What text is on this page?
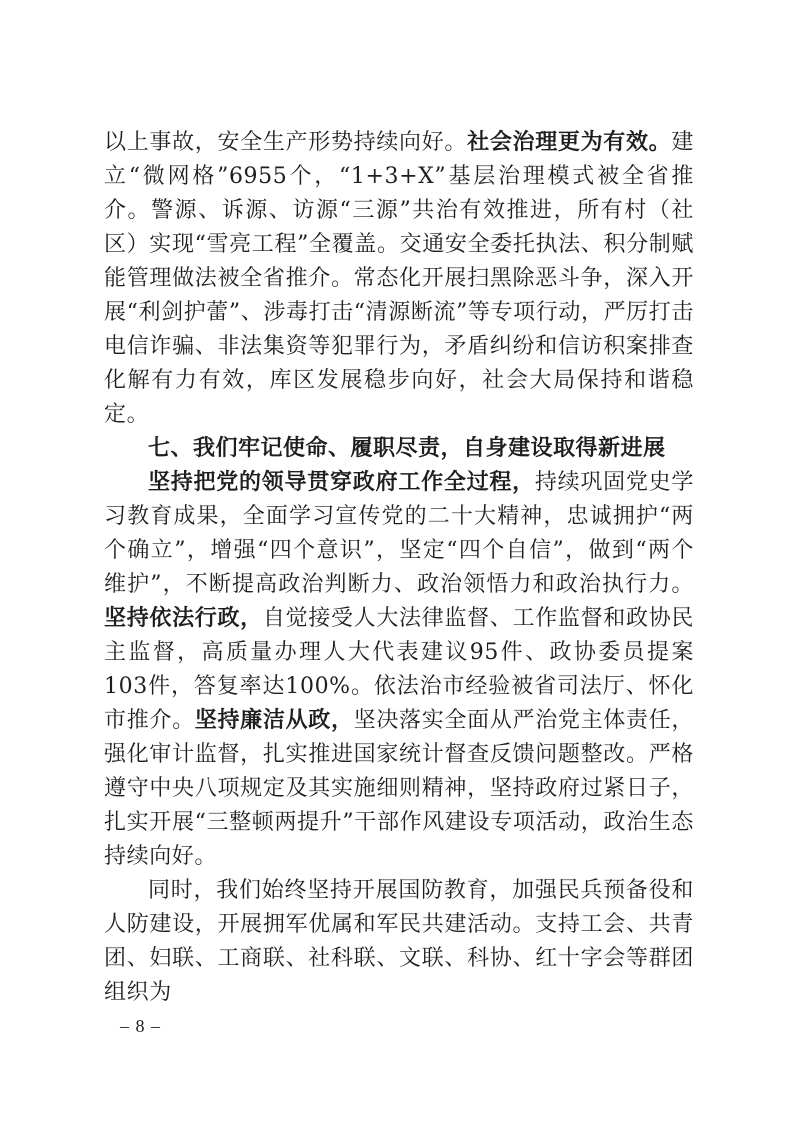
以上事故，安全生产形势持续向好。社会治理更为有效。建立“微网格”6955个，“1+3+X”基层治理模式被全省推介。警源、诉源、访源“三源”共治有效推进，所有村（社区）实现“雪亮工程”全覆盖。交通安全委托执法、积分制赋能管理做法被全省推介。常态化开展扫黑除恶斗争，深入开展“利剑护蕾”、涉毒打击“清源断流”等专项行动，严厉打击电信诈骗、非法集资等犯罪行为，矛盾纠纷和信访积案排查化解有力有效，库区发展稳步向好，社会大局保持和谐稳定。

七、我们牢记使命、履职尽责，自身建设取得新进展

坚持把党的领导贯穿政府工作全过程，持续巩固党史学习教育成果，全面学习宣传党的二十大精神，忠诚拥护“两个确立”，增强“四个意识”，坚定“四个自信”，做到“两个维护”，不断提高政治判断力、政治领悟力和政治执行力。坚持依法行政，自觉接受人大法律监督、工作监督和政协民主监督，高质量办理人大代表建议95件、政协委员提案103件，答复率达100%。依法治市经验被省司法厅、怀化市推介。坚持廉洁从政，坚决落实全面从严治党主体责任，强化审计监督，扎实推进国家统计督查反馈问题整改。严格遵守中央八项规定及其实施细则精神，坚持政府过紧日子，扎实开展“三整顿两提升”干部作风建设专项活动，政治生态持续向好。

同时，我们始终坚持开展国防教育，加强民兵预备役和人防建设，开展拥军优属和军民共建活动。支持工会、共青团、妇联、工商联、社科联、文联、科协、红十字会等群团组织为

– 8 –
